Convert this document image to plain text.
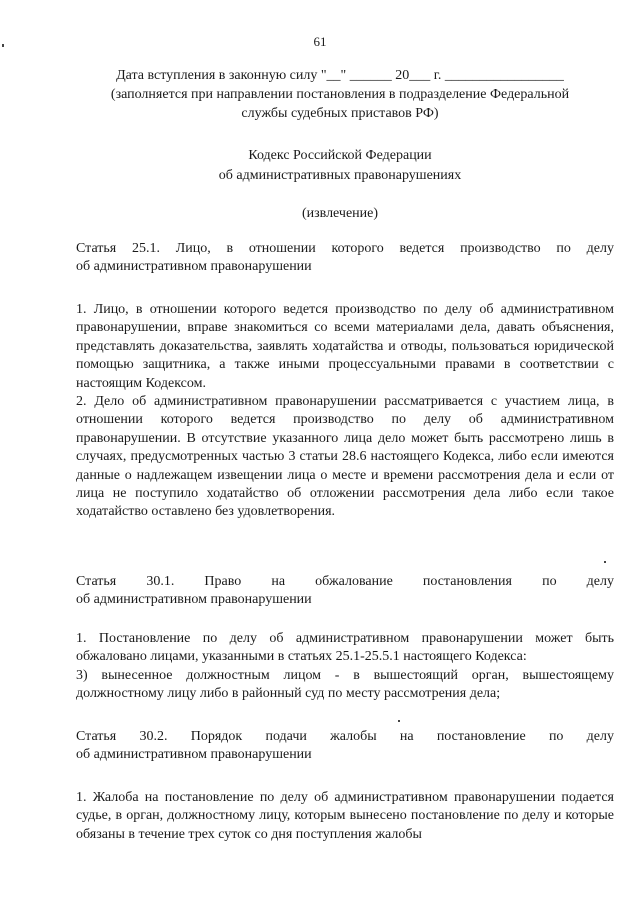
61
Дата вступления в законную силу "__" ______ 20___ г. _________________
(заполняется при направлении постановления в подразделение Федеральной
службы судебных приставов РФ)
Кодекс Российской Федерации
об административных правонарушениях
(извлечение)
Статья 25.1. Лицо, в отношении которого ведется производство по делу
об административном правонарушении

1. Лицо, в отношении которого ведется производство по делу об административном правонарушении, вправе знакомиться со всеми материалами дела, давать объяснения, представлять доказательства, заявлять ходатайства и отводы, пользоваться юридической помощью защитника, а также иными процессуальными правами в соответствии с настоящим Кодексом.

2. Дело об административном правонарушении рассматривается с участием лица, в отношении которого ведется производство по делу об административном правонарушении. В отсутствие указанного лица дело может быть рассмотрено лишь в случаях, предусмотренных частью 3 статьи 28.6 настоящего Кодекса, либо если имеются данные о надлежащем извещении лица о месте и времени рассмотрения дела и если от лица не поступило ходатайство об отложении рассмотрения дела либо если такое ходатайство оставлено без удовлетворения.

Статья 30.1. Право на обжалование постановления по делу
об административном правонарушении

1. Постановление по делу об административном правонарушении может быть обжаловано лицами, указанными в статьях 25.1-25.5.1 настоящего Кодекса:

3) вынесенное должностным лицом - в вышестоящий орган, вышестоящему должностному лицу либо в районный суд по месту рассмотрения дела;

Статья 30.2. Порядок подачи жалобы на постановление по делу
об административном правонарушении

1. Жалоба на постановление по делу об административном правонарушении подается судье, в орган, должностному лицу, которым вынесено постановление по делу и которые обязаны в течение трех суток со дня поступления жалобы
